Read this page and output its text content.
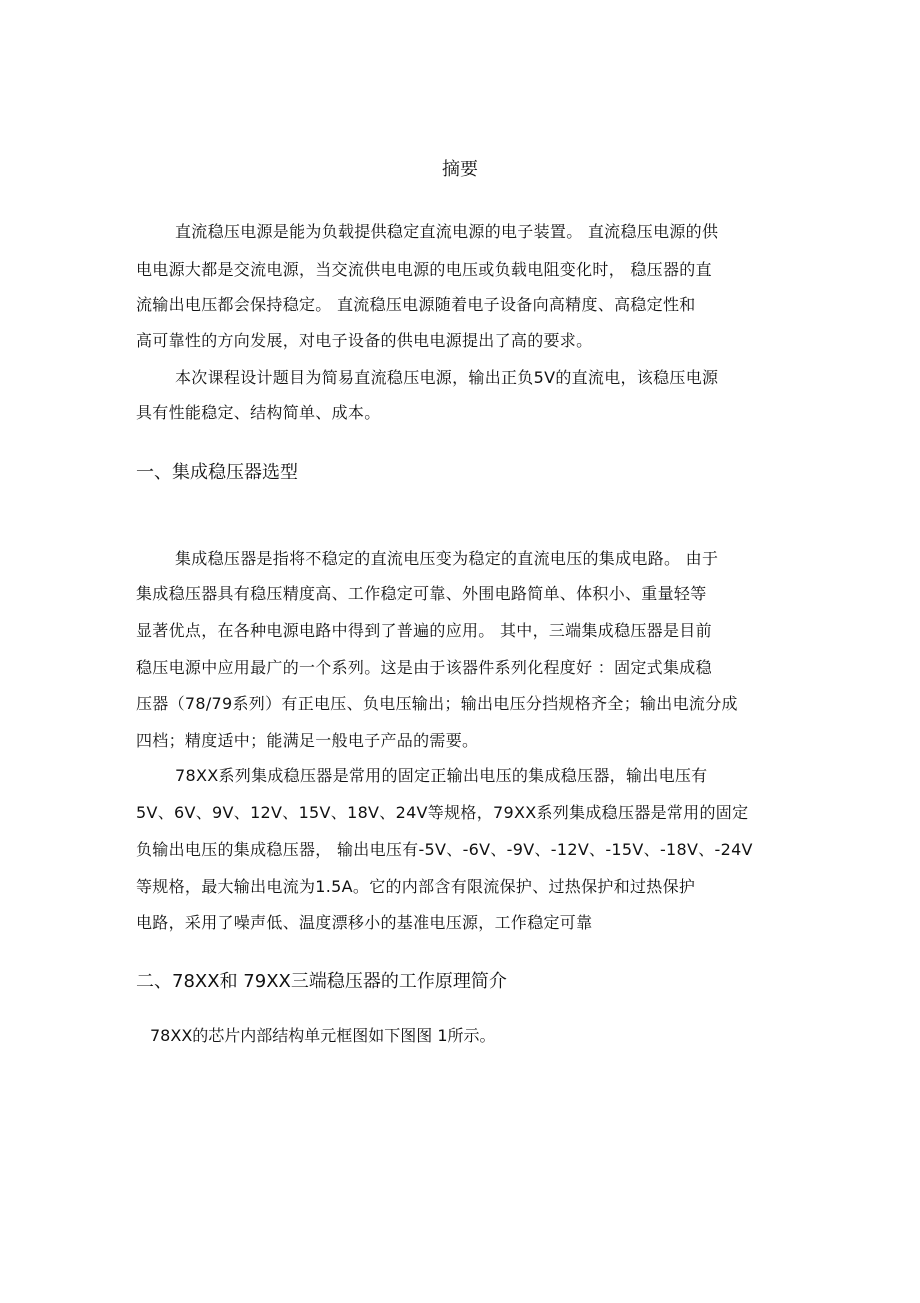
摘要
直流稳压电源是能为负载提供稳定直流电源的电子装置。 直流稳压电源的供
电电源大都是交流电源，当交流供电电源的电压或负载电阻变化时， 稳压器的直
流输出电压都会保持稳定。 直流稳压电源随着电子设备向高精度、高稳定性和
高可靠性的方向发展，对电子设备的供电电源提出了高的要求。
本次课程设计题目为简易直流稳压电源，输出正负5V的直流电，该稳压电源
具有性能稳定、结构简单、成本。
一、集成稳压器选型
集成稳压器是指将不稳定的直流电压变为稳定的直流电压的集成电路。 由于
集成稳压器具有稳压精度高、工作稳定可靠、外围电路简单、体积小、重量轻等
显著优点，在各种电源电路中得到了普遍的应用。 其中，三端集成稳压器是目前
稳压电源中应用最广的一个系列。这是由于该器件系列化程度好 ：固定式集成稳
压器（78/79系列）有正电压、负电压输出；输出电压分挡规格齐全；输出电流分成
四档；精度适中；能满足一般电子产品的需要。
78XX系列集成稳压器是常用的固定正输出电压的集成稳压器，输出电压有
5V、6V、9V、12V、15V、18V、24V等规格，79XX系列集成稳压器是常用的固定
负输出电压的集成稳压器， 输出电压有-5V、-6V、-9V、-12V、-15V、-18V、-24V
等规格，最大输出电流为1.5A。它的内部含有限流保护、过热保护和过热保护
电路，采用了噪声低、温度漂移小的基准电压源，工作稳定可靠
二、78XX和 79XX三端稳压器的工作原理简介
78XX的芯片内部结构单元框图如下图图 1所示。
